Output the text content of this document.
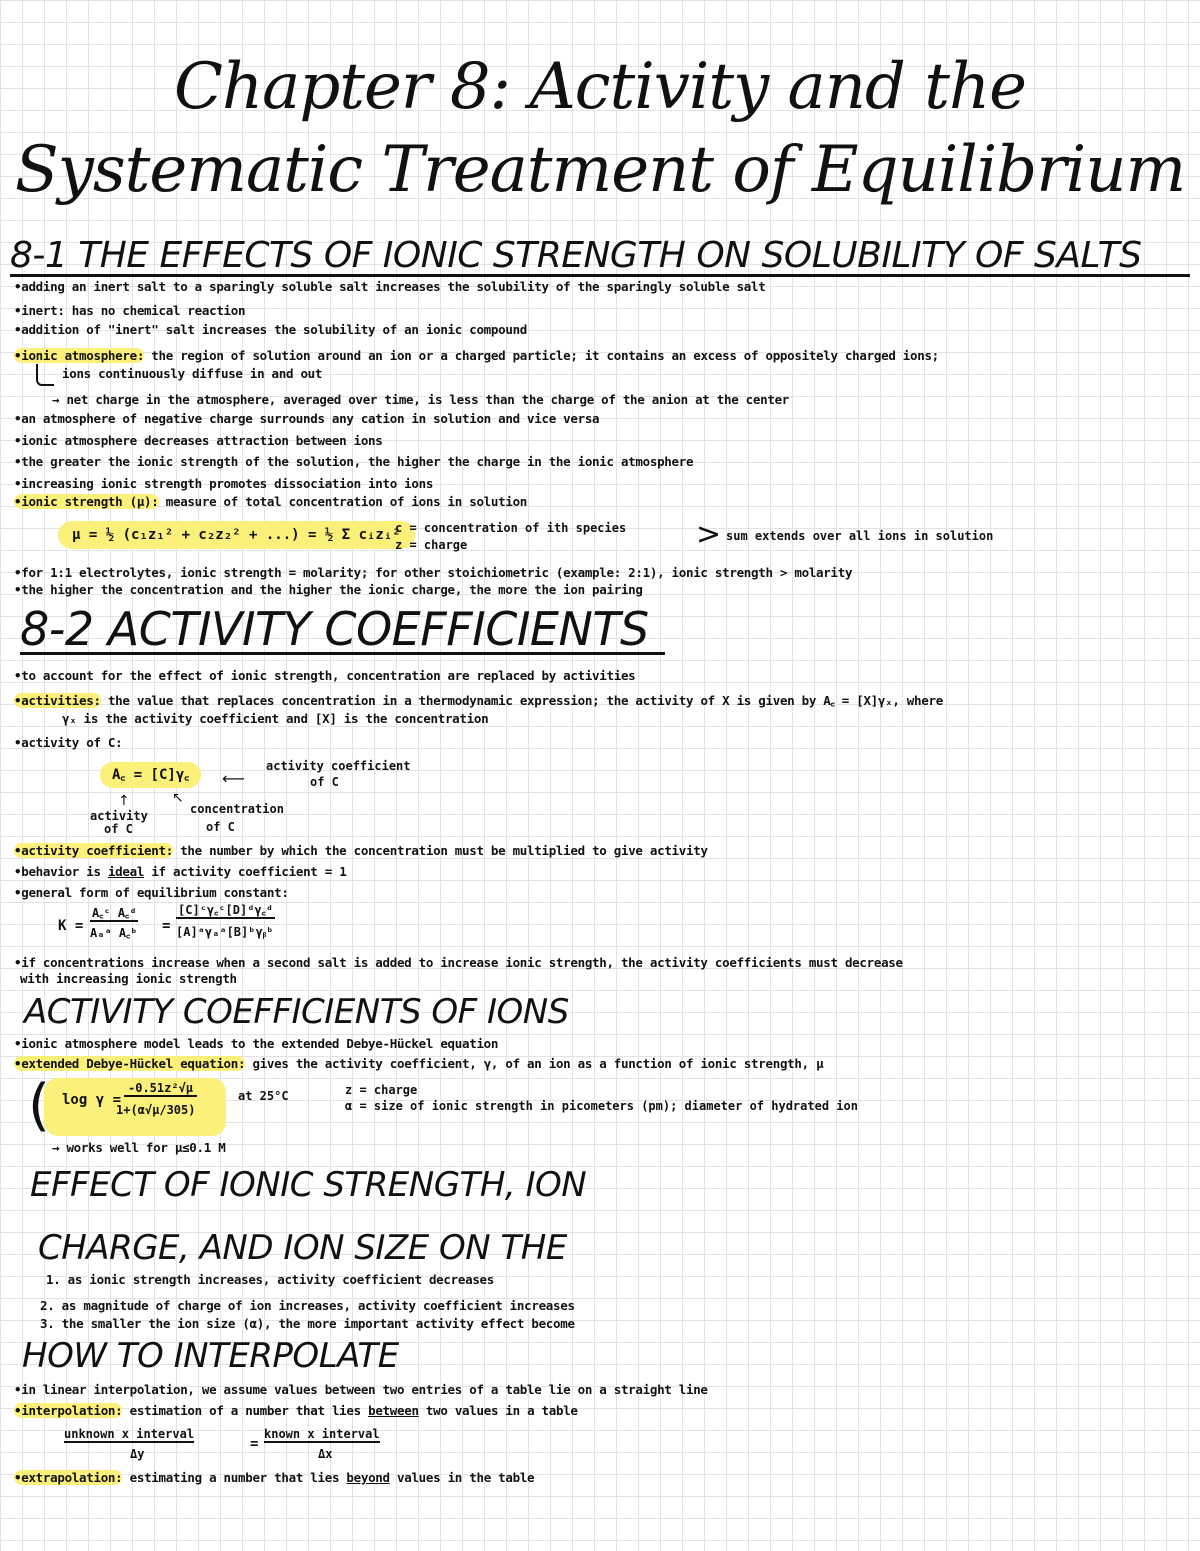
Chapter 8: Activity and the
Systematic Treatment of Equilibrium
8-1 THE EFFECTS OF IONIC STRENGTH ON SOLUBILITY OF SALTS
•adding an inert salt to a sparingly soluble salt increases the solubility of the sparingly soluble salt
•inert: has no chemical reaction
•addition of "inert" salt increases the solubility of an ionic compound
•ionic atmosphere: the region of solution around an ion or a charged particle; it contains an excess of oppositely charged ions;
ions continuously diffuse in and out
→ net charge in the atmosphere, averaged over time, is less than the charge of the anion at the center
•an atmosphere of negative charge surrounds any cation in solution and vice versa
•ionic atmosphere decreases attraction between ions
•the greater the ionic strength of the solution, the higher the charge in the ionic atmosphere
•increasing ionic strength promotes dissociation into ions
•ionic strength (μ): measure of total concentration of ions in solution
μ = ½ (c₁z₁² + c₂z₂² + ...) = ½ Σ cᵢzᵢ²
c = concentration of ith species
z = charge	> sum extends over all ions in solution
•for 1:1 electrolytes, ionic strength = molarity; for other stoichiometric (example: 2:1), ionic strength > molarity
•the higher the concentration and the higher the ionic charge, the more the ion pairing
8-2 ACTIVITY COEFFICIENTS
•to account for the effect of ionic strength, concentration are replaced by activities
•activities: the value that replaces concentration in a thermodynamic expression; the activity of X is given by A꜀ = [X]γₓ, where
γₓ is the activity coefficient and [X] is the concentration
•activity of C:
A꜀ = [C]γ꜀	⟵
activity coefficient
of C
↑
activity
of C
↖
concentration
of C
•activity coefficient: the number by which the concentration must be multiplied to give activity
•behavior is ideal if activity coefficient = 1
•general form of equilibrium constant:
K =
A꜀ᶜ A꜀ᵈ
Aₐᵃ A꜀ᵇ =
[C]ᶜγ꜀ᶜ[D]ᵈγ꜀ᵈ
[A]ᵃγₐᵃ[B]ᵇγᵦᵇ
•if concentrations increase when a second salt is added to increase ionic strength, the activity coefficients must decrease
with increasing ionic strength
ACTIVITY COEFFICIENTS OF IONS
•ionic atmosphere model leads to the extended Debye-Hückel equation
•extended Debye-Hückel equation: gives the activity coefficient, γ, of an ion as a function of ionic strength, μ
( log γ =
-0.51z²√μ
1+(α√μ/305)
at 25°C	z = charge
α = size of ionic strength in picometers (pm); diameter of hydrated ion
→ works well for μ≤0.1 M
EFFECT OF IONIC STRENGTH, ION
CHARGE, AND ION SIZE ON THE
1. as ionic strength increases, activity coefficient decreases
2. as magnitude of charge of ion increases, activity coefficient increases
3. the smaller the ion size (α), the more important activity effect become
HOW TO INTERPOLATE
•in linear interpolation, we assume values between two entries of a table lie on a straight line
•interpolation: estimation of a number that lies between two values in a table
unknown x interval
Δy
=
known x interval
Δx
•extrapolation: estimating a number that lies beyond values in the table
